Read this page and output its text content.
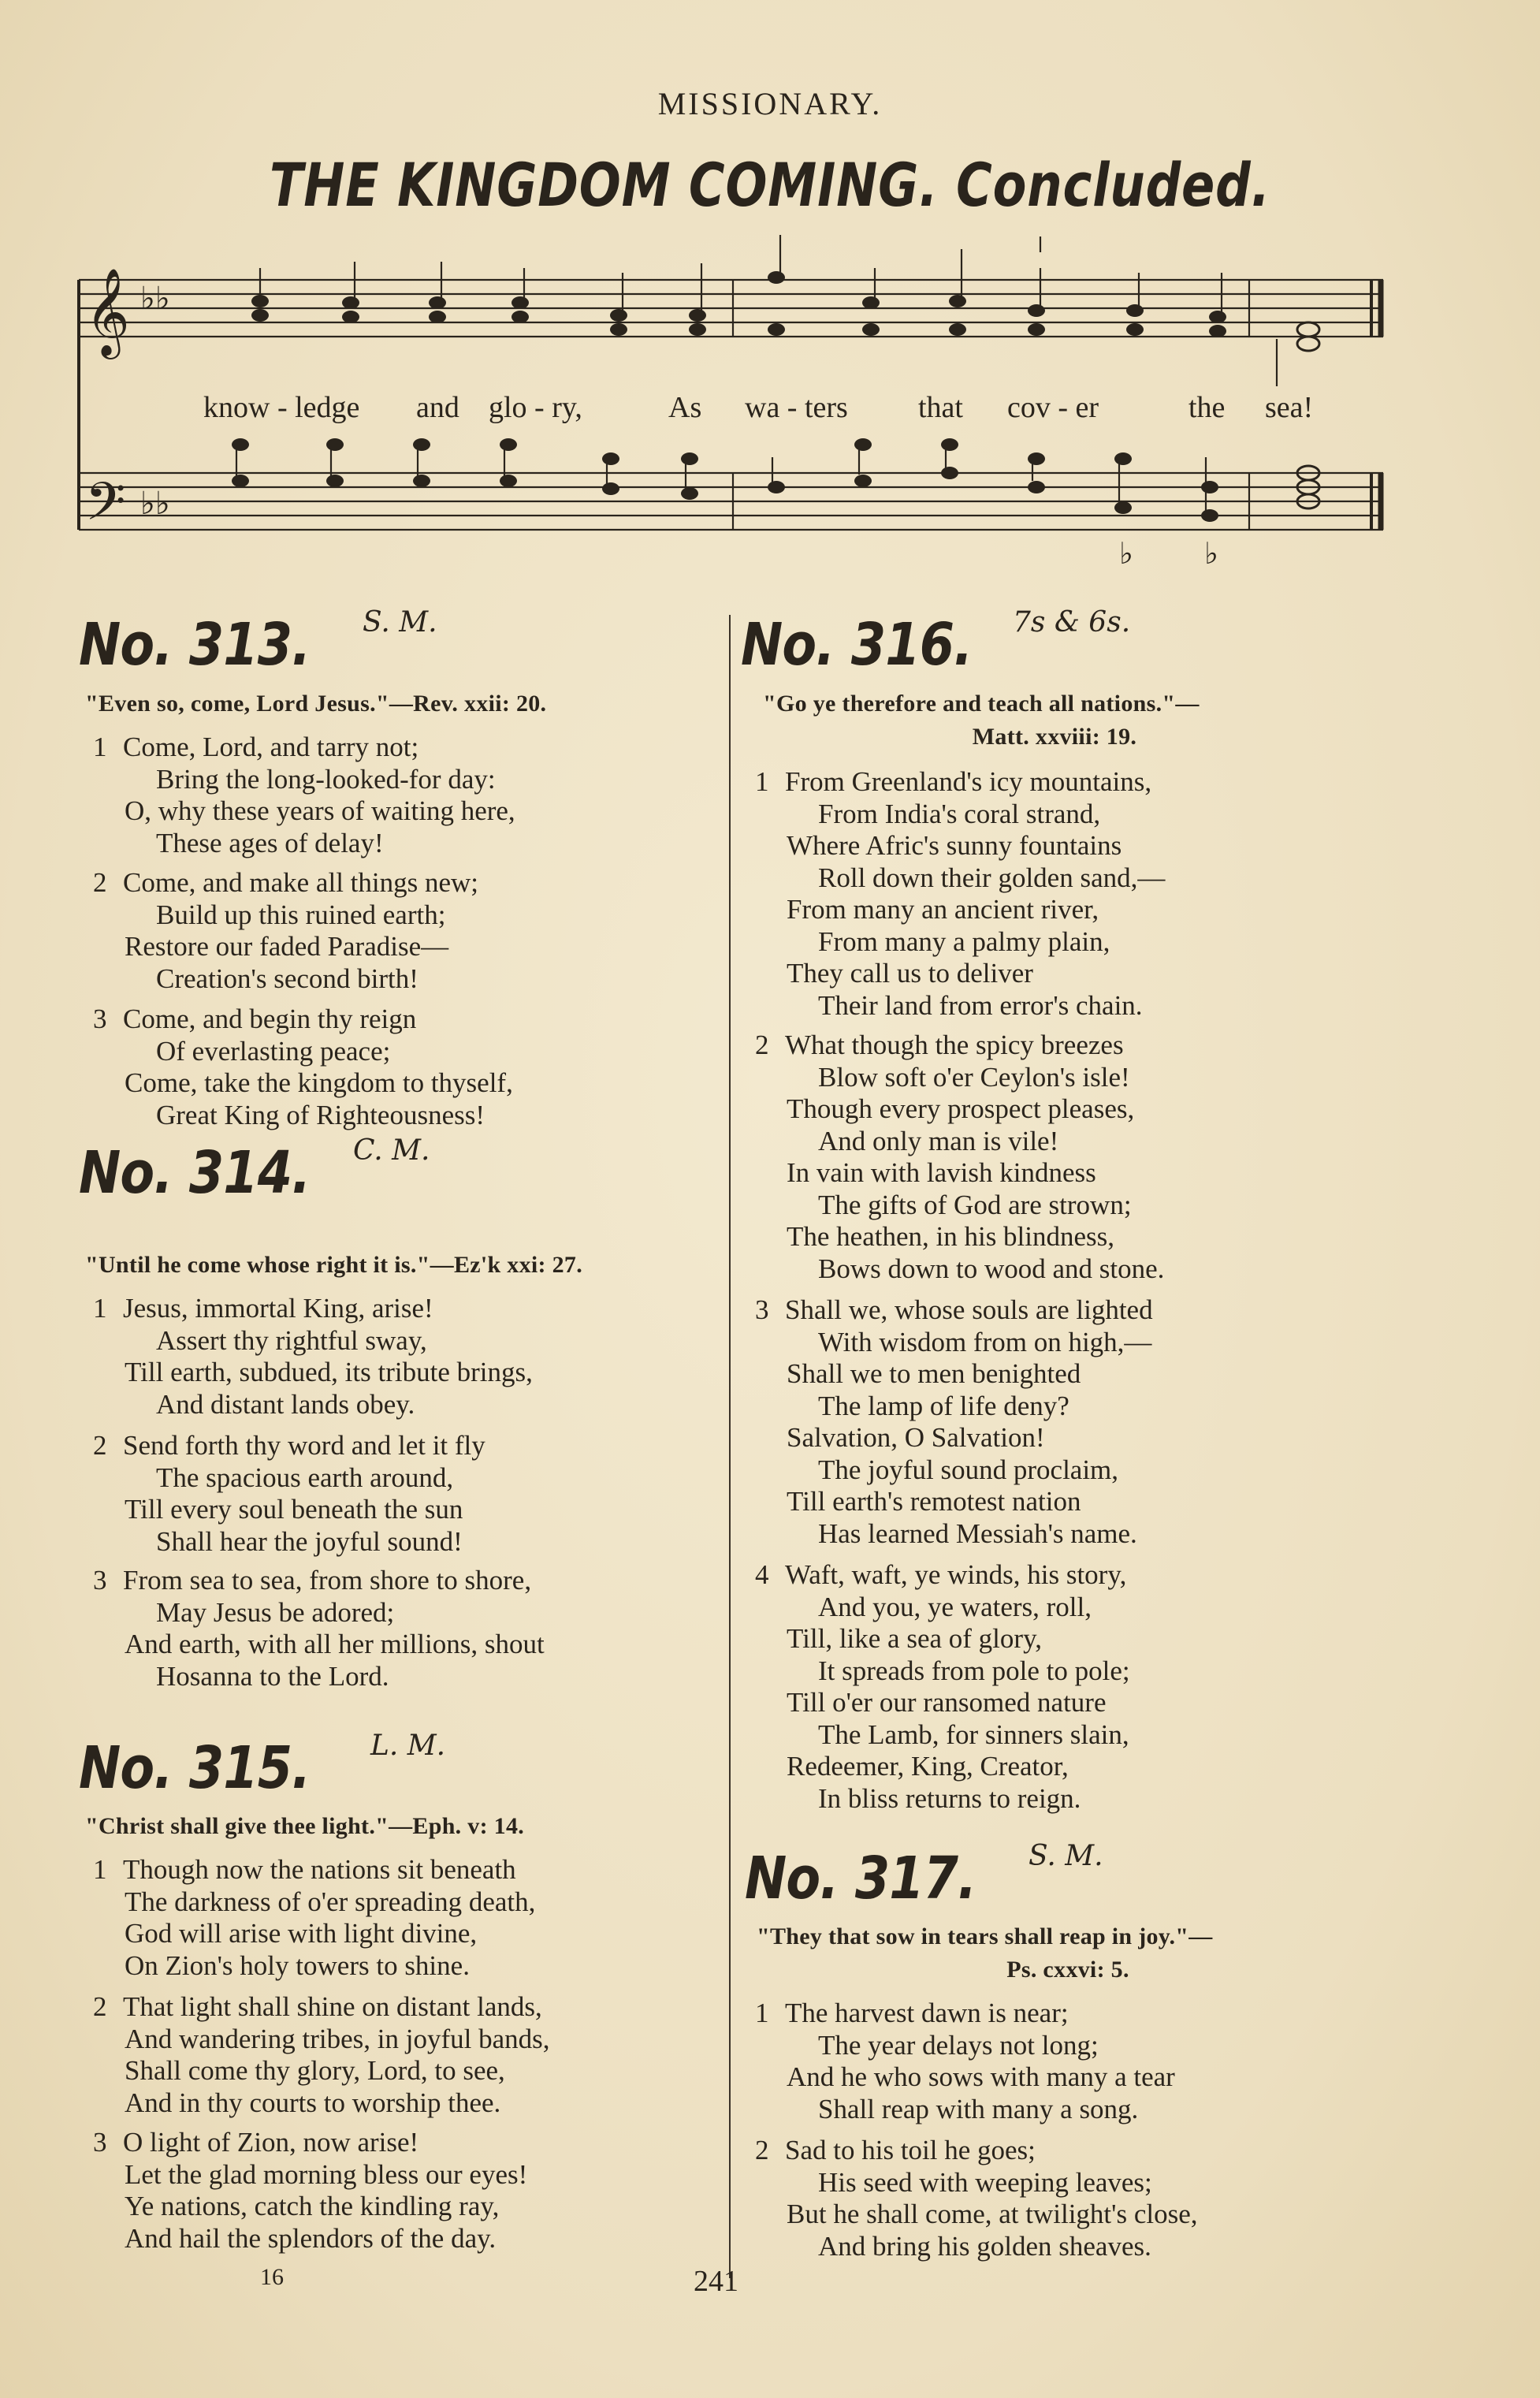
MISSIONARY.
THE KINGDOM COMING. Concluded.
𝄞
𝄢
♭♭
♭♭
♭ ♭
know - ledge and glo - ry,	As wa - ters that cov - er	the sea!
No. 313. S. M.
"Even so, come, Lord Jesus."—Rev. xxii: 20.
1 Come, Lord, and tarry not;
Bring the long-looked-for day:
O, why these years of waiting here,
These ages of delay!
2 Come, and make all things new;
Build up this ruined earth;
Restore our faded Paradise—
Creation's second birth!
3 Come, and begin thy reign
Of everlasting peace;
Come, take the kingdom to thyself,
Great King of Righteousness!
No. 314. C. M.
"Until he come whose right it is."—Ez'k xxi: 27.
1 Jesus, immortal King, arise!
Assert thy rightful sway,
Till earth, subdued, its tribute brings,
And distant lands obey.
2 Send forth thy word and let it fly
The spacious earth around,
Till every soul beneath the sun
Shall hear the joyful sound!
3 From sea to sea, from shore to shore,
May Jesus be adored;
And earth, with all her millions, shout
Hosanna to the Lord.
No. 315. L. M.
"Christ shall give thee light."—Eph. v: 14.
1 Though now the nations sit beneath
The darkness of o'er spreading death,
God will arise with light divine,
On Zion's holy towers to shine.
2 That light shall shine on distant lands,
And wandering tribes, in joyful bands,
Shall come thy glory, Lord, to see,
And in thy courts to worship thee.
3 O light of Zion, now arise!
Let the glad morning bless our eyes!
Ye nations, catch the kindling ray,
And hail the splendors of the day.
No. 316. 7s & 6s.
"Go ye therefore and teach all nations."—
Matt. xxviii: 19.
1 From Greenland's icy mountains,
From India's coral strand,
Where Afric's sunny fountains
Roll down their golden sand,—
From many an ancient river,
From many a palmy plain,
They call us to deliver
Their land from error's chain.
2 What though the spicy breezes
Blow soft o'er Ceylon's isle!
Though every prospect pleases,
And only man is vile!
In vain with lavish kindness
The gifts of God are strown;
The heathen, in his blindness,
Bows down to wood and stone.
3 Shall we, whose souls are lighted
With wisdom from on high,—
Shall we to men benighted
The lamp of life deny?
Salvation, O Salvation!
The joyful sound proclaim,
Till earth's remotest nation
Has learned Messiah's name.
4 Waft, waft, ye winds, his story,
And you, ye waters, roll,
Till, like a sea of glory,
It spreads from pole to pole;
Till o'er our ransomed nature
The Lamb, for sinners slain,
Redeemer, King, Creator,
In bliss returns to reign.
No. 317. S. M.
"They that sow in tears shall reap in joy."—
Ps. cxxvi: 5.
1 The harvest dawn is near;
The year delays not long;
And he who sows with many a tear
Shall reap with many a song.
2 Sad to his toil he goes;
His seed with weeping leaves;
But he shall come, at twilight's close,
And bring his golden sheaves.
16	241
